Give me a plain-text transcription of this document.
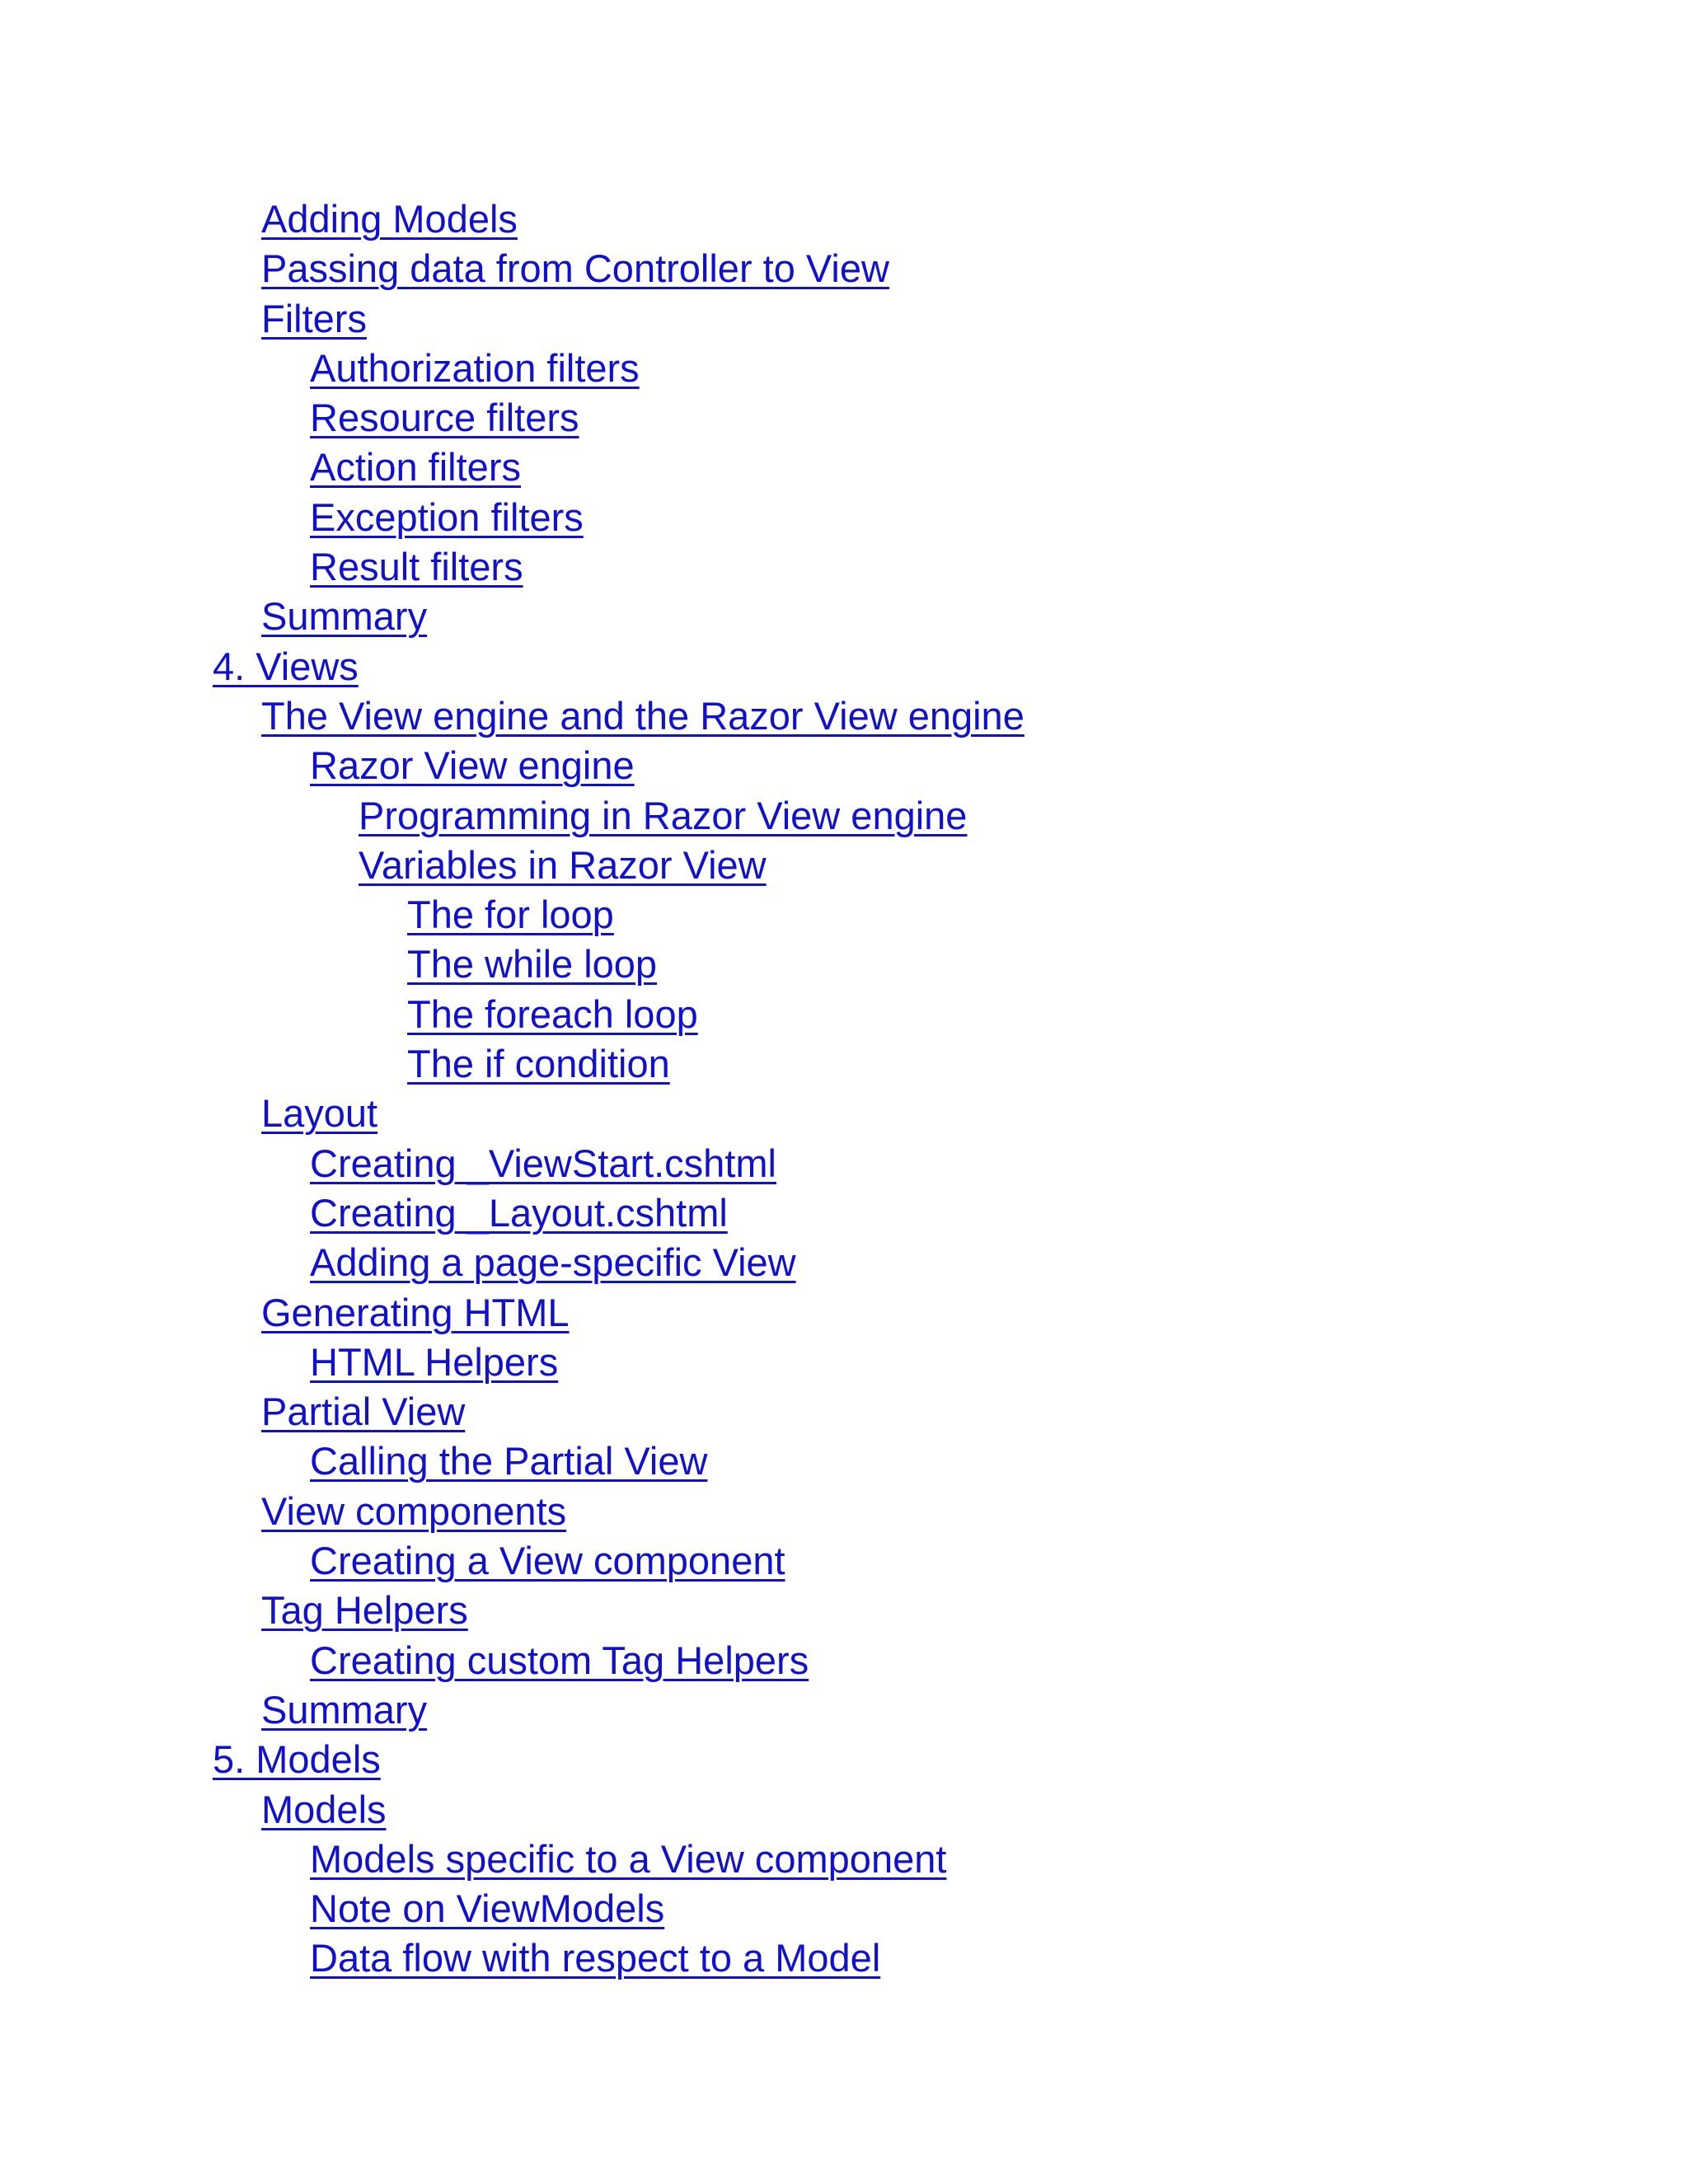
Adding Models
Passing data from Controller to View
Filters
Authorization filters
Resource filters
Action filters
Exception filters
Result filters
Summary
4. Views
The View engine and the Razor View engine
Razor View engine
Programming in Razor View engine
Variables in Razor View
The for loop
The while loop
The foreach loop
The if condition
Layout
Creating _ViewStart.cshtml
Creating _Layout.cshtml
Adding a page-specific View
Generating HTML
HTML Helpers
Partial View
Calling the Partial View
View components
Creating a View component
Tag Helpers
Creating custom Tag Helpers
Summary
5. Models
Models
Models specific to a View component
Note on ViewModels
Data flow with respect to a Model
